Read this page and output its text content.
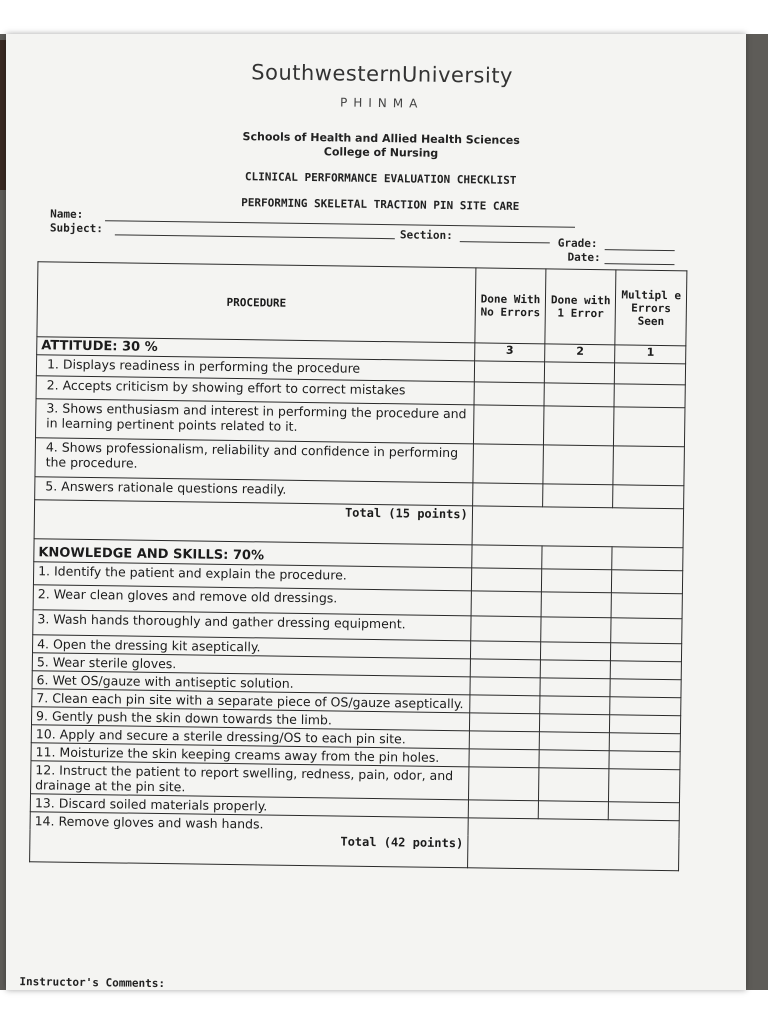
SouthwesternUniversity
PHINMA
Schools of Health and Allied Health Sciences
College of Nursing
CLINICAL PERFORMANCE EVALUATION CHECKLIST
PERFORMING SKELETAL TRACTION PIN SITE CARE
Name:
Subject:
Section:
Grade:
Date:
PROCEDURE	Done With No Errors	Done with 1 Error	Multipl e Errors Seen
ATTITUDE: 30 %	3	2	1
1. Displays readiness in performing the procedure			
2. Accepts criticism by showing effort to correct mistakes			
3. Shows enthusiasm and interest in performing the procedure and in learning pertinent points related to it.			
4. Shows professionalism, reliability and confidence in performing the procedure.			
5. Answers rationale questions readily.			
Total (15 points)			
KNOWLEDGE AND SKILLS: 70%			
1. Identify the patient and explain the procedure.			
2. Wear clean gloves and remove old dressings.			
3. Wash hands thoroughly and gather dressing equipment.			
4. Open the dressing kit aseptically.			
5. Wear sterile gloves.			
6. Wet OS/gauze with antiseptic solution.			
7. Clean each pin site with a separate piece of OS/gauze aseptically.			
9. Gently push the skin down towards the limb.			
10. Apply and secure a sterile dressing/OS to each pin site.			
11. Moisturize the skin keeping creams away from the pin holes.			
12. Instruct the patient to report swelling, redness, pain, odor, and drainage at the pin site.			
13. Discard soiled materials properly.			
14. Remove gloves and wash hands.			
Total (42 points)			
Instructor's Comments:
